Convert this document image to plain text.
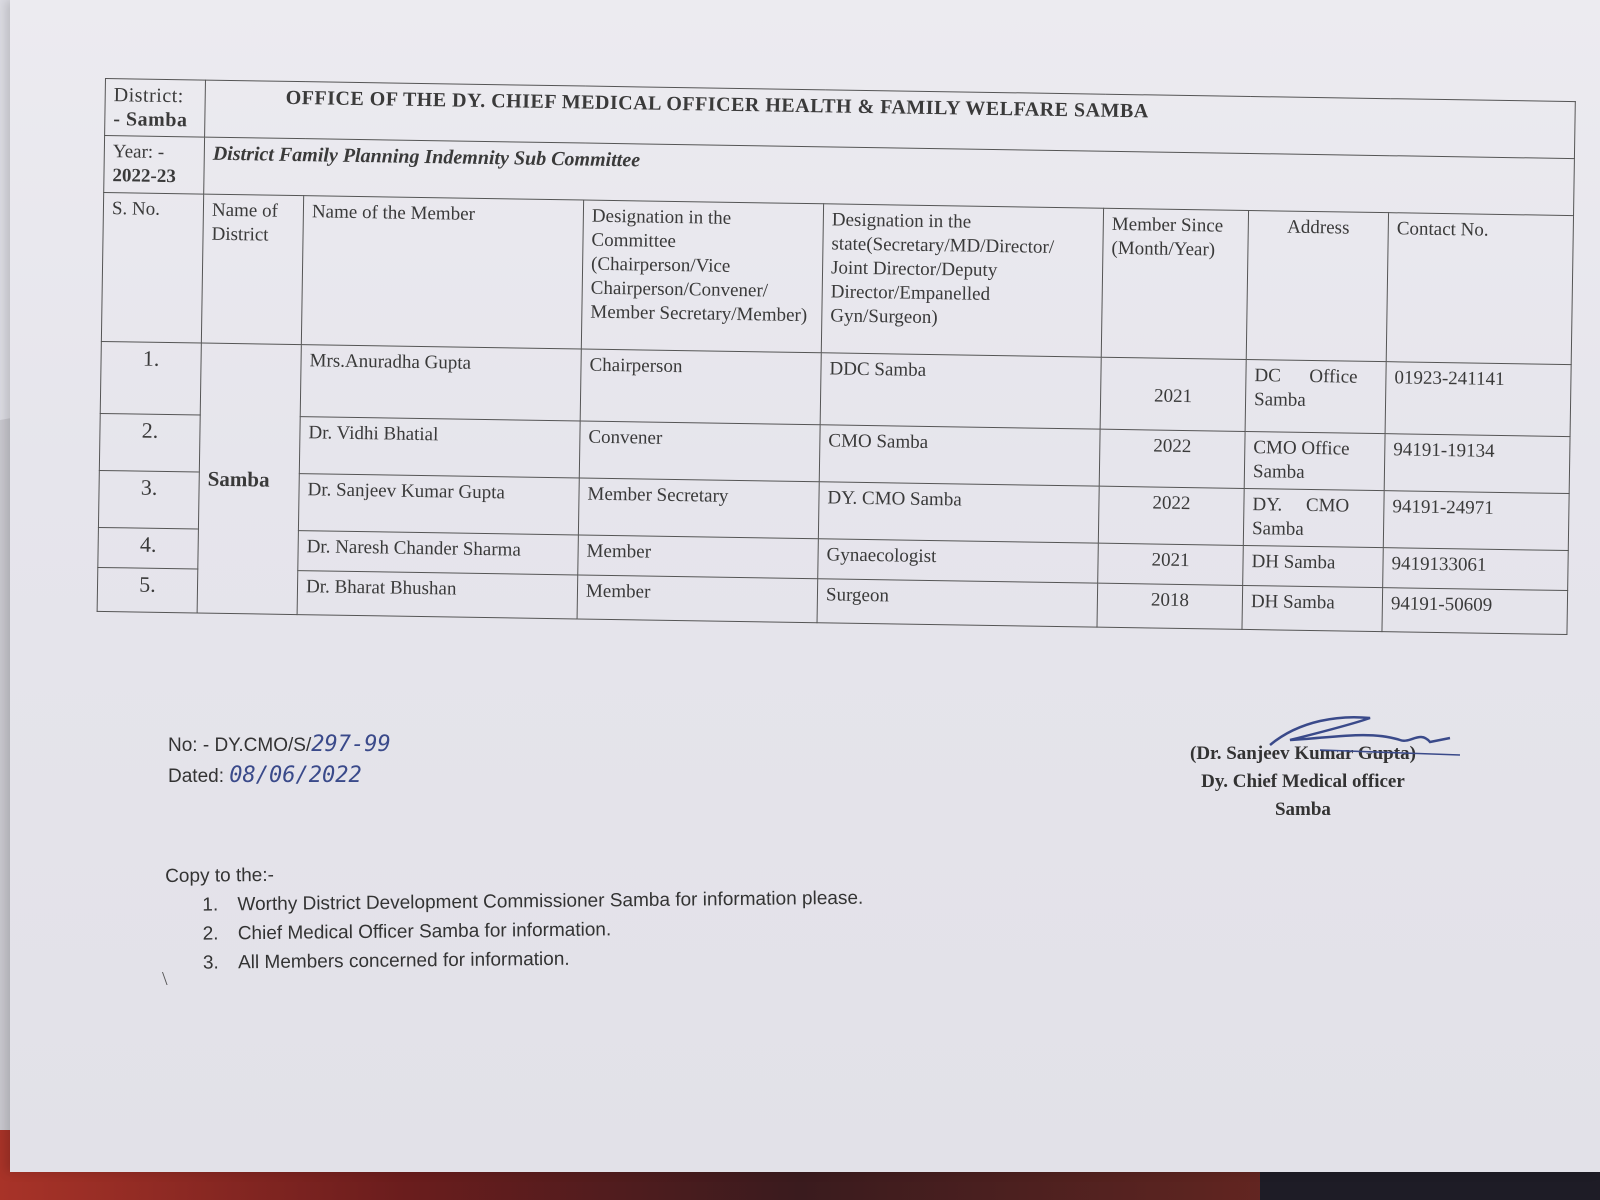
District:
- Samba	OFFICE OF THE DY. CHIEF MEDICAL OFFICER HEALTH & FAMILY WELFARE SAMBA						

Year: -
2022-23	District Family Planning Indemnity Sub Committee						
S. No.	Name of District	Name of the Member	Designation in the Committee (Chairperson/Vice Chairperson/Convener/ Member Secretary/Member)	Designation in the state(Secretary/MD/Director/ Joint Director/Deputy Director/Empanelled Gyn/Surgeon)	Member Since (Month/Year)	Address	Contact No.
1.	Samba	Mrs.Anuradha Gupta	Chairperson	DDC Samba	2021	DC      Office Samba	01923-241141
2.		Dr. Vidhi Bhatial	Convener	CMO Samba	2022	CMO Office Samba	94191-19134
3.		Dr. Sanjeev Kumar Gupta	Member Secretary	DY. CMO Samba	2022	DY.     CMO Samba	94191-24971
4.		Dr. Naresh Chander Sharma	Member	Gynaecologist	2021	DH Samba	9419133061
5.		Dr. Bharat Bhushan	Member	Surgeon	2018	DH Samba	94191-50609
No: - DY.CMO/S/297-99
Dated: 08/06/2022
(Dr. Sanjeev Kumar Gupta)
Dy. Chief Medical officer
Samba
Copy to the:-
1. Worthy District Development Commissioner Samba for information please.
2. Chief Medical Officer Samba for information.
3. All Members concerned for information.
\
